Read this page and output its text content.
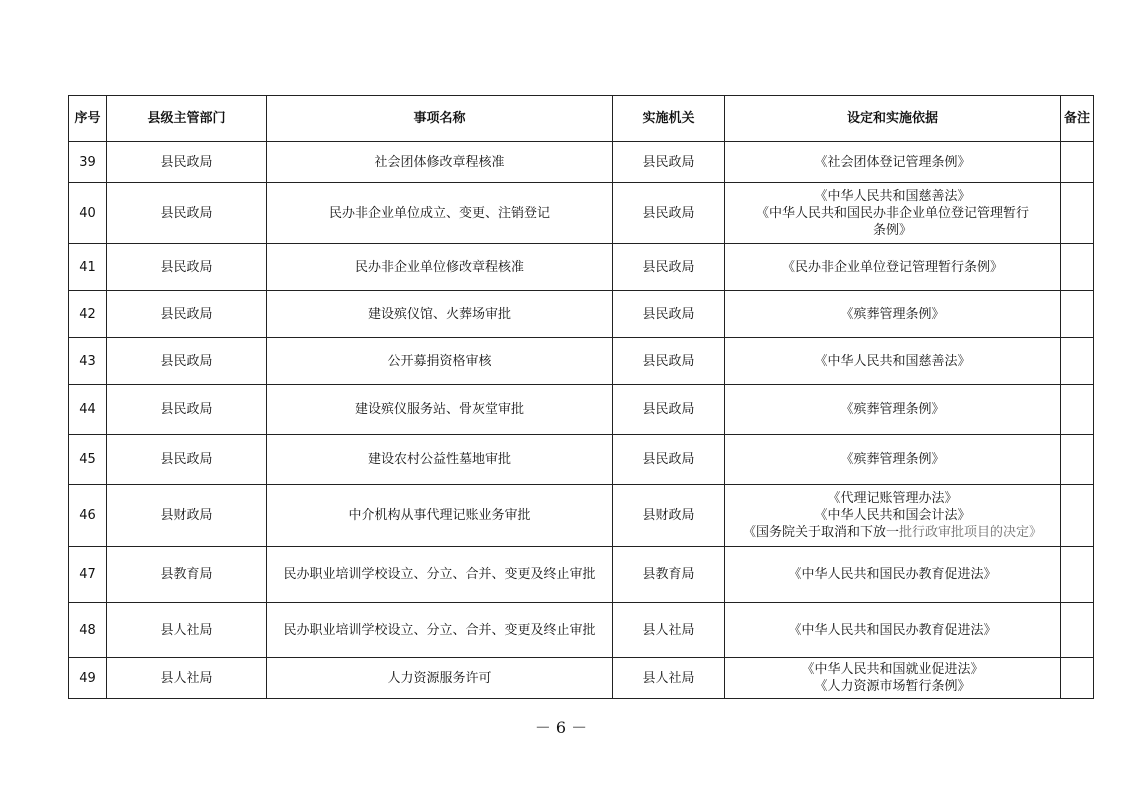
序号	县级主管部门	事项名称	实施机关	设定和实施依据	备注
39	县民政局	社会团体修改章程核准	县民政局	《社会团体登记管理条例》	

40	县民政局	民办非企业单位成立、变更、注销登记	县民政局	《中华人民共和国慈善法》
《中华人民共和国民办非企业单位登记管理暂行
条例》	

41	县民政局	民办非企业单位修改章程核准	县民政局	《民办非企业单位登记管理暂行条例》	

42	县民政局	建设殡仪馆、火葬场审批	县民政局	《殡葬管理条例》	

43	县民政局	公开募捐资格审核	县民政局	《中华人民共和国慈善法》	

44	县民政局	建设殡仪服务站、骨灰堂审批	县民政局	《殡葬管理条例》	

45	县民政局	建设农村公益性墓地审批	县民政局	《殡葬管理条例》	

46	县财政局	中介机构从事代理记账业务审批	县财政局	《代理记账管理办法》
《中华人民共和国会计法》
《国务院关于取消和下放一批行政审批项目的决定》	

47	县教育局	民办职业培训学校设立、分立、合并、变更及终止审批	县教育局	《中华人民共和国民办教育促进法》	

48	县人社局	民办职业培训学校设立、分立、合并、变更及终止审批	县人社局	《中华人民共和国民办教育促进法》	

49	县人社局	人力资源服务许可	县人社局	《中华人民共和国就业促进法》
《人力资源市场暂行条例》	

－ 6 －
